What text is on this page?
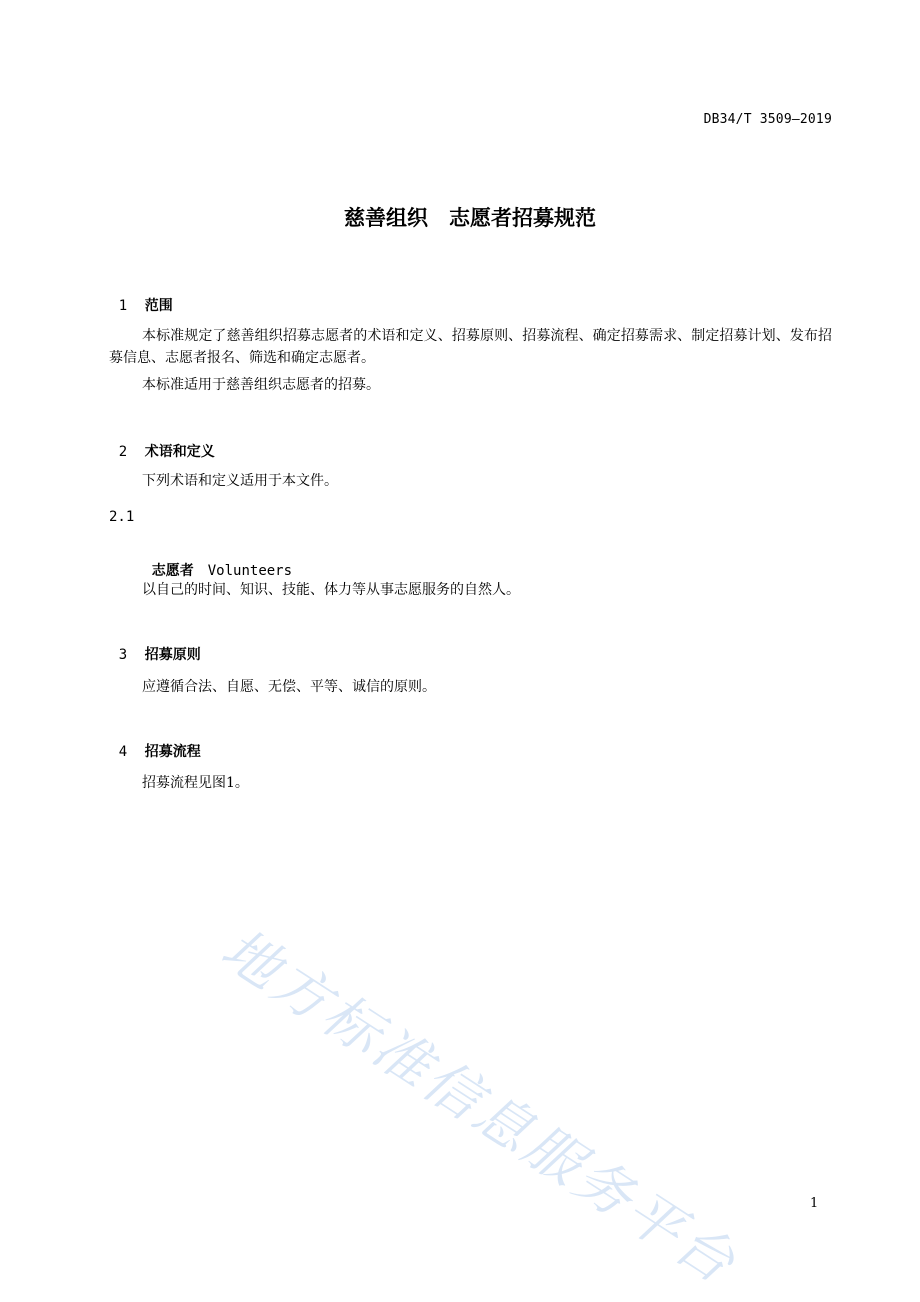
DB34/T 3509—2019
慈善组织　志愿者招募规范

1 范围

本标准规定了慈善组织招募志愿者的术语和定义、招募原则、招募流程、确定招募需求、制定招募计划、发布招募信息、志愿者报名、筛选和确定志愿者。
本标准适用于慈善组织志愿者的招募。

2 术语和定义

下列术语和定义适用于本文件。
2.1

志愿者 Volunteers

以自己的时间、知识、技能、体力等从事志愿服务的自然人。

3 招募原则

应遵循合法、自愿、无偿、平等、诚信的原则。

4 招募流程

招募流程见图1。
地方标准信息服务平台	1
